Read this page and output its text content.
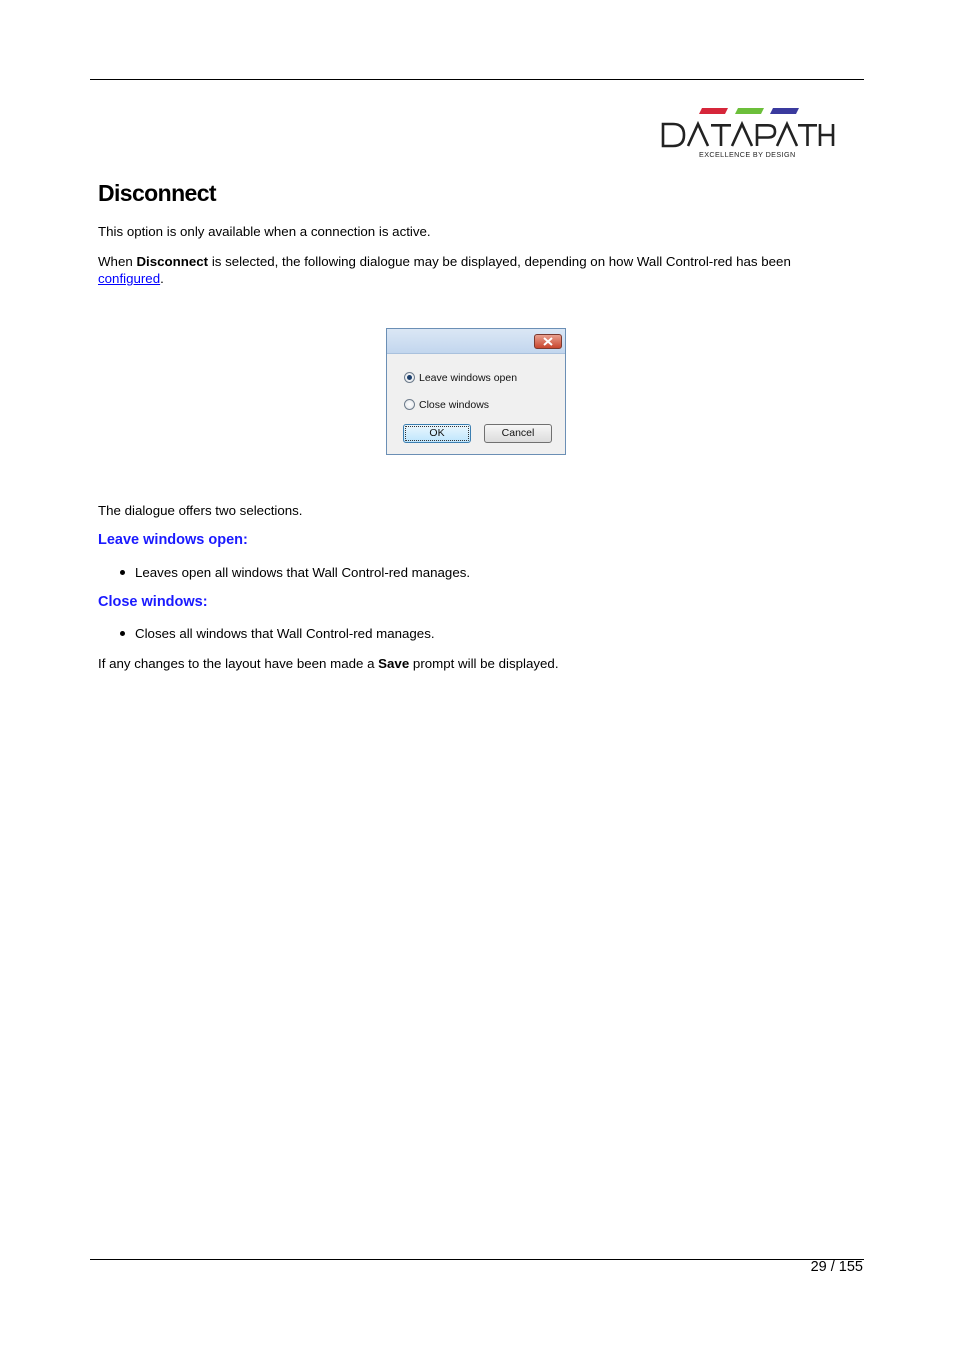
EXCELLENCE BY DESIGN
Disconnect

This option is only available when a connection is active.

When Disconnect is selected, the following dialogue may be displayed, depending on how Wall Control-red has been configured.

Leave windows open
Close windows
OK	Cancel

The dialogue offers two selections.

Leave windows open:

Leaves open all windows that Wall Control-red manages.

Close windows:

Closes all windows that Wall Control-red manages.

If any changes to the layout have been made a Save prompt will be displayed.

29 / 155
